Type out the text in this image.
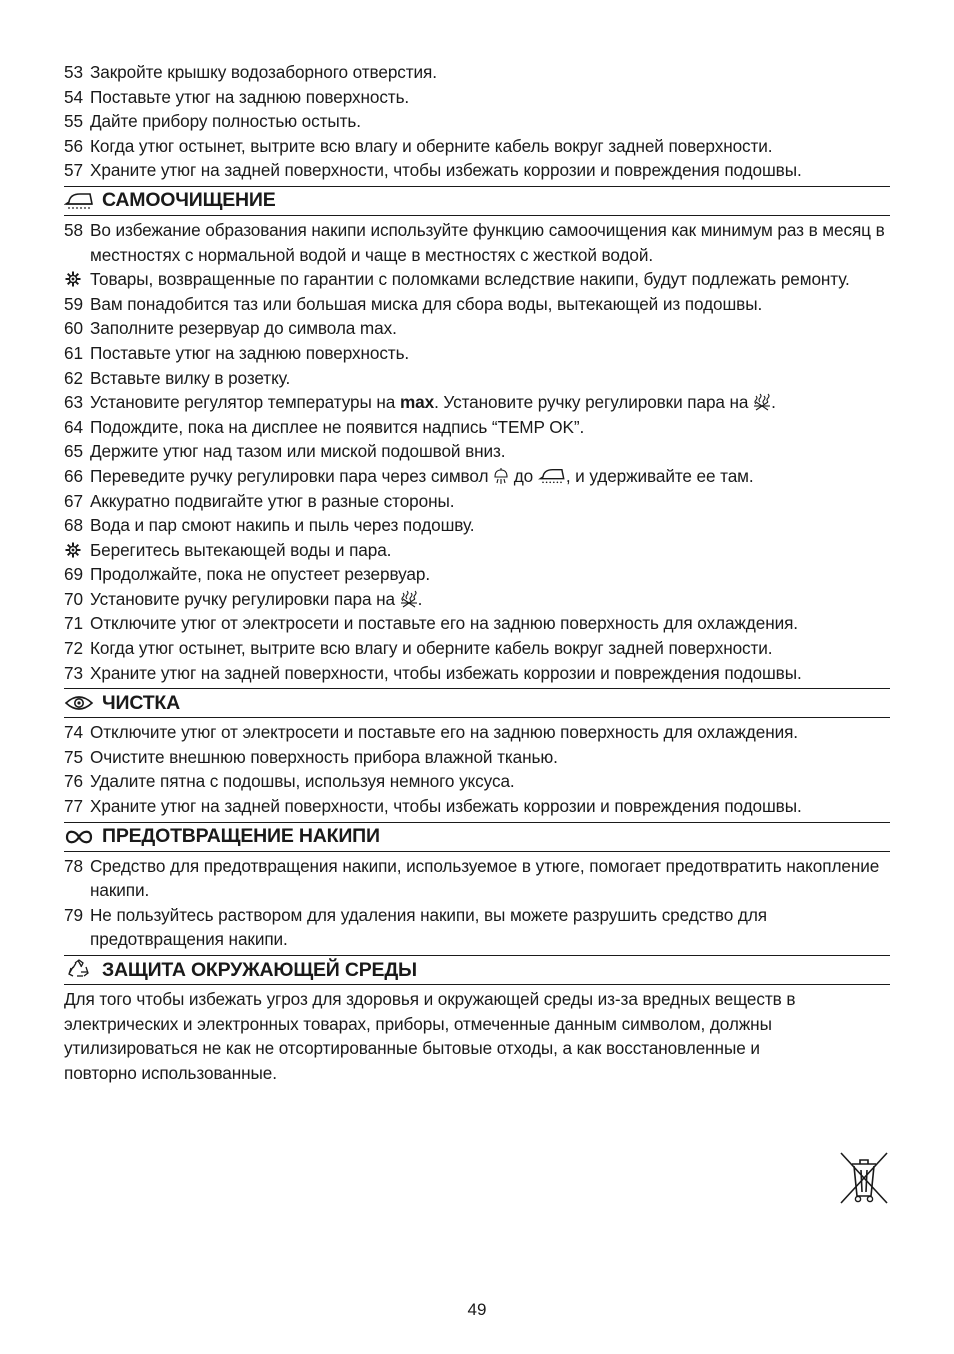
53 Закройте крышку водозаборного отверстия.
54 Поставьте утюг на заднюю поверхность.
55 Дайте прибору полностью остыть.
56 Когда утюг остынет, вытрите всю влагу и оберните кабель вокруг задней поверхности.
57 Храните утюг на задней поверхности, чтобы избежать коррозии и повреждения подошвы.
САМООЧИЩЕНИЕ
58 Во избежание образования накипи используйте функцию самоочищения как минимум раз в месяц в местностях с нормальной водой и чаще в местностях с жесткой водой.
Товары, возвращенные по гарантии с поломками вследствие накипи, будут подлежать ремонту.
59 Вам понадобится таз или большая миска для сбора воды, вытекающей из подошвы.
60 Заполните резервуар до символа max.
61 Поставьте утюг на заднюю поверхность.
62 Вставьте вилку в розетку.
63 Установите регулятор температуры на max. Установите ручку регулировки пара на .
64 Подождите, пока на дисплее не появится надпись “TEMP OK”.
65 Держите утюг над тазом или миской подошвой вниз.
66 Переведите ручку регулировки пара через символ  до , и удерживайте ее там.
67 Аккуратно подвигайте утюг в разные стороны.
68 Вода и пар смоют накипь и пыль через подошву.
Берегитесь вытекающей воды и пара.
69 Продолжайте, пока не опустеет резервуар.
70 Установите ручку регулировки пара на .
71 Отключите утюг от электросети и поставьте его на заднюю поверхность для охлаждения.
72 Когда утюг остынет, вытрите всю влагу и оберните кабель вокруг задней поверхности.
73 Храните утюг на задней поверхности, чтобы избежать коррозии и повреждения подошвы.
ЧИСТКА
74 Отключите утюг от электросети и поставьте его на заднюю поверхность для охлаждения.
75 Очистите внешнюю поверхность прибора влажной тканью.
76 Удалите пятна с подошвы, используя немного уксуса.
77 Храните утюг на задней поверхности, чтобы избежать коррозии и повреждения подошвы.
ПРЕДОТВРАЩЕНИЕ НАКИПИ
78 Средство для предотвращения накипи, используемое в утюге, помогает предотвратить накопление накипи.
79 Не пользуйтесь раствором для удаления накипи, вы можете разрушить средство для предотвращения накипи.
ЗАЩИТА ОКРУЖАЮЩЕЙ СРЕДЫ
Для того чтобы избежать угроз для здоровья и окружающей среды из-за вредных веществ в электрических и электронных товарах, приборы, отмеченные данным символом, должны утилизироваться не как не отсортированные бытовые отходы, а как восстановленные и повторно использованные.
49
